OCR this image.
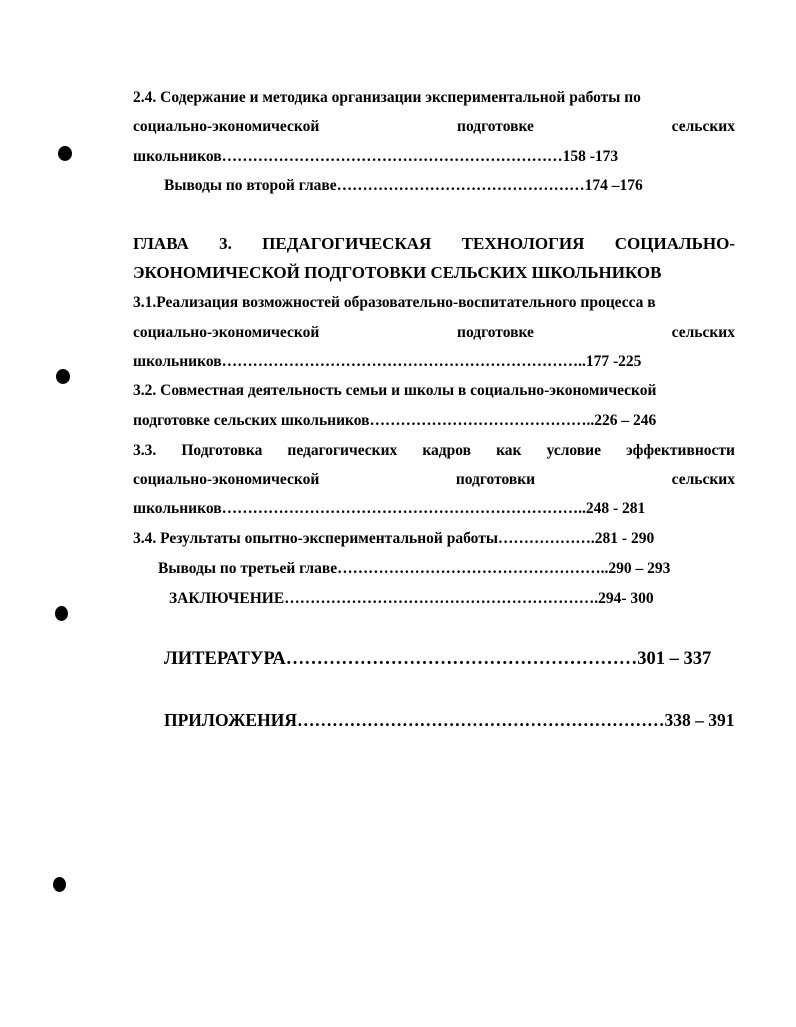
2.4. Содержание и методика организации экспериментальной работы по
социально-экономической	подготовке	сельских
школьников…………………………………………………………158 -173
Выводы по второй главе…………………………………………174 –176
ГЛАВА 3. ПЕДАГОГИЧЕСКАЯ ТЕХНОЛОГИЯ СОЦИАЛЬНО-
ЭКОНОМИЧЕСКОЙ ПОДГОТОВКИ СЕЛЬСКИХ ШКОЛЬНИКОВ
3.1.Реализация возможностей образовательно-воспитательного процесса в
социально-экономической	подготовке	сельских
школьников……………………………………………………………..177 -225
3.2. Совместная деятельность семьи и школы в социально-экономической
подготовке сельских школьников……………………………………..226 – 246
3.3. Подготовка педагогических кадров как условие эффективности
социально-экономической	подготовки	сельских
школьников……………………………………………………………..248 - 281
3.4. Результаты опытно-экспериментальной работы……………….281 - 290
Выводы по третьей главе……………………………………………..290 – 293
ЗАКЛЮЧЕНИЕ…………………………………………………….294- 300
ЛИТЕРАТУРА…………………………………………………301 – 337
ПРИЛОЖЕНИЯ………………………………………………………338 – 391
